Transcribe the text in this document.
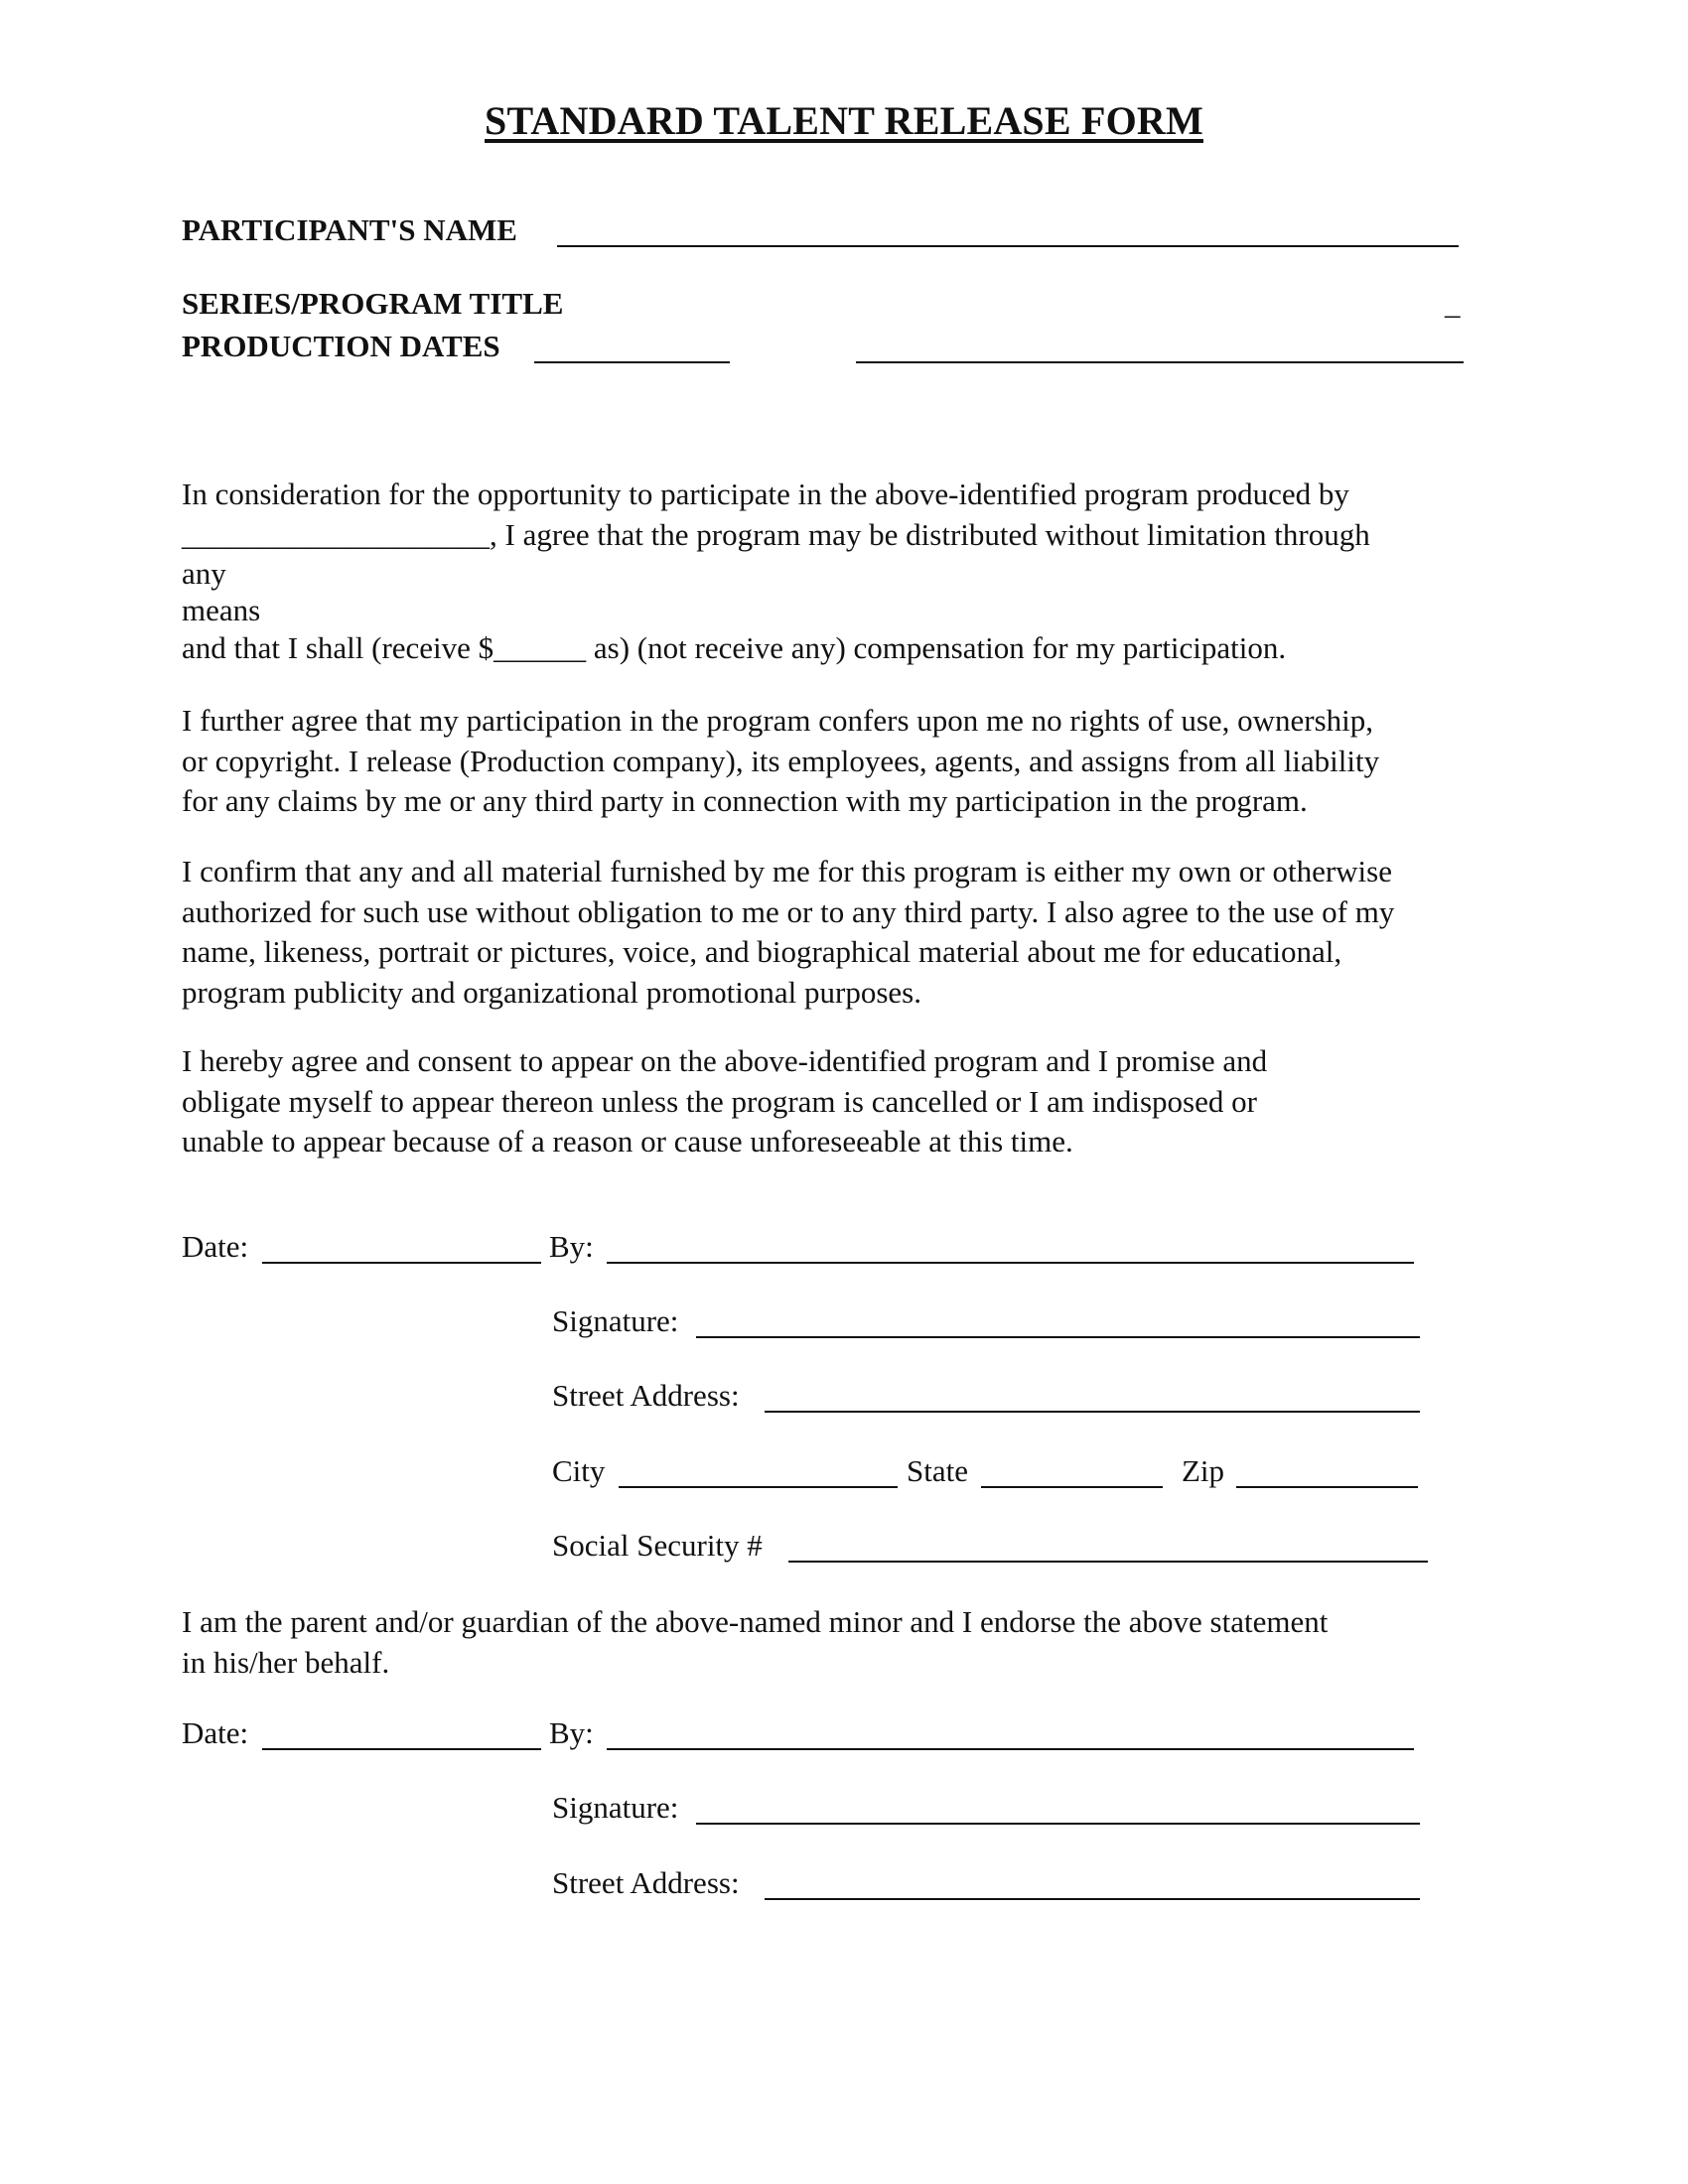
STANDARD TALENT RELEASE FORM
PARTICIPANT'S NAME
SERIES/PROGRAM TITLE	_
PRODUCTION DATES

In consideration for the opportunity to participate in the above-identified program produced by

____________________, I agree that the program may be distributed without limitation through

any

means

and that I shall (receive $______ as) (not receive any) compensation for my participation.

I further agree that my participation in the program confers upon me no rights of use, ownership,

or copyright. I release (Production company), its employees, agents, and assigns from all liability

for any claims by me or any third party in connection with my participation in the program.

I confirm that any and all material furnished by me for this program is either my own or otherwise

authorized for such use without obligation to me or to any third party. I also agree to the use of my

name, likeness, portrait or pictures, voice, and biographical material about me for educational,

program publicity and organizational promotional purposes.

I hereby agree and consent to appear on the above-identified program and I promise and

obligate myself to appear thereon unless the program is cancelled or I am indisposed or

unable to appear because of a reason or cause unforeseeable at this time.

Date:	By:
Signature:
Street Address:
City	State	Zip
Social Security #

I am the parent and/or guardian of the above-named minor and I endorse the above statement

in his/her behalf.

Date:	By:
Signature:
Street Address:
